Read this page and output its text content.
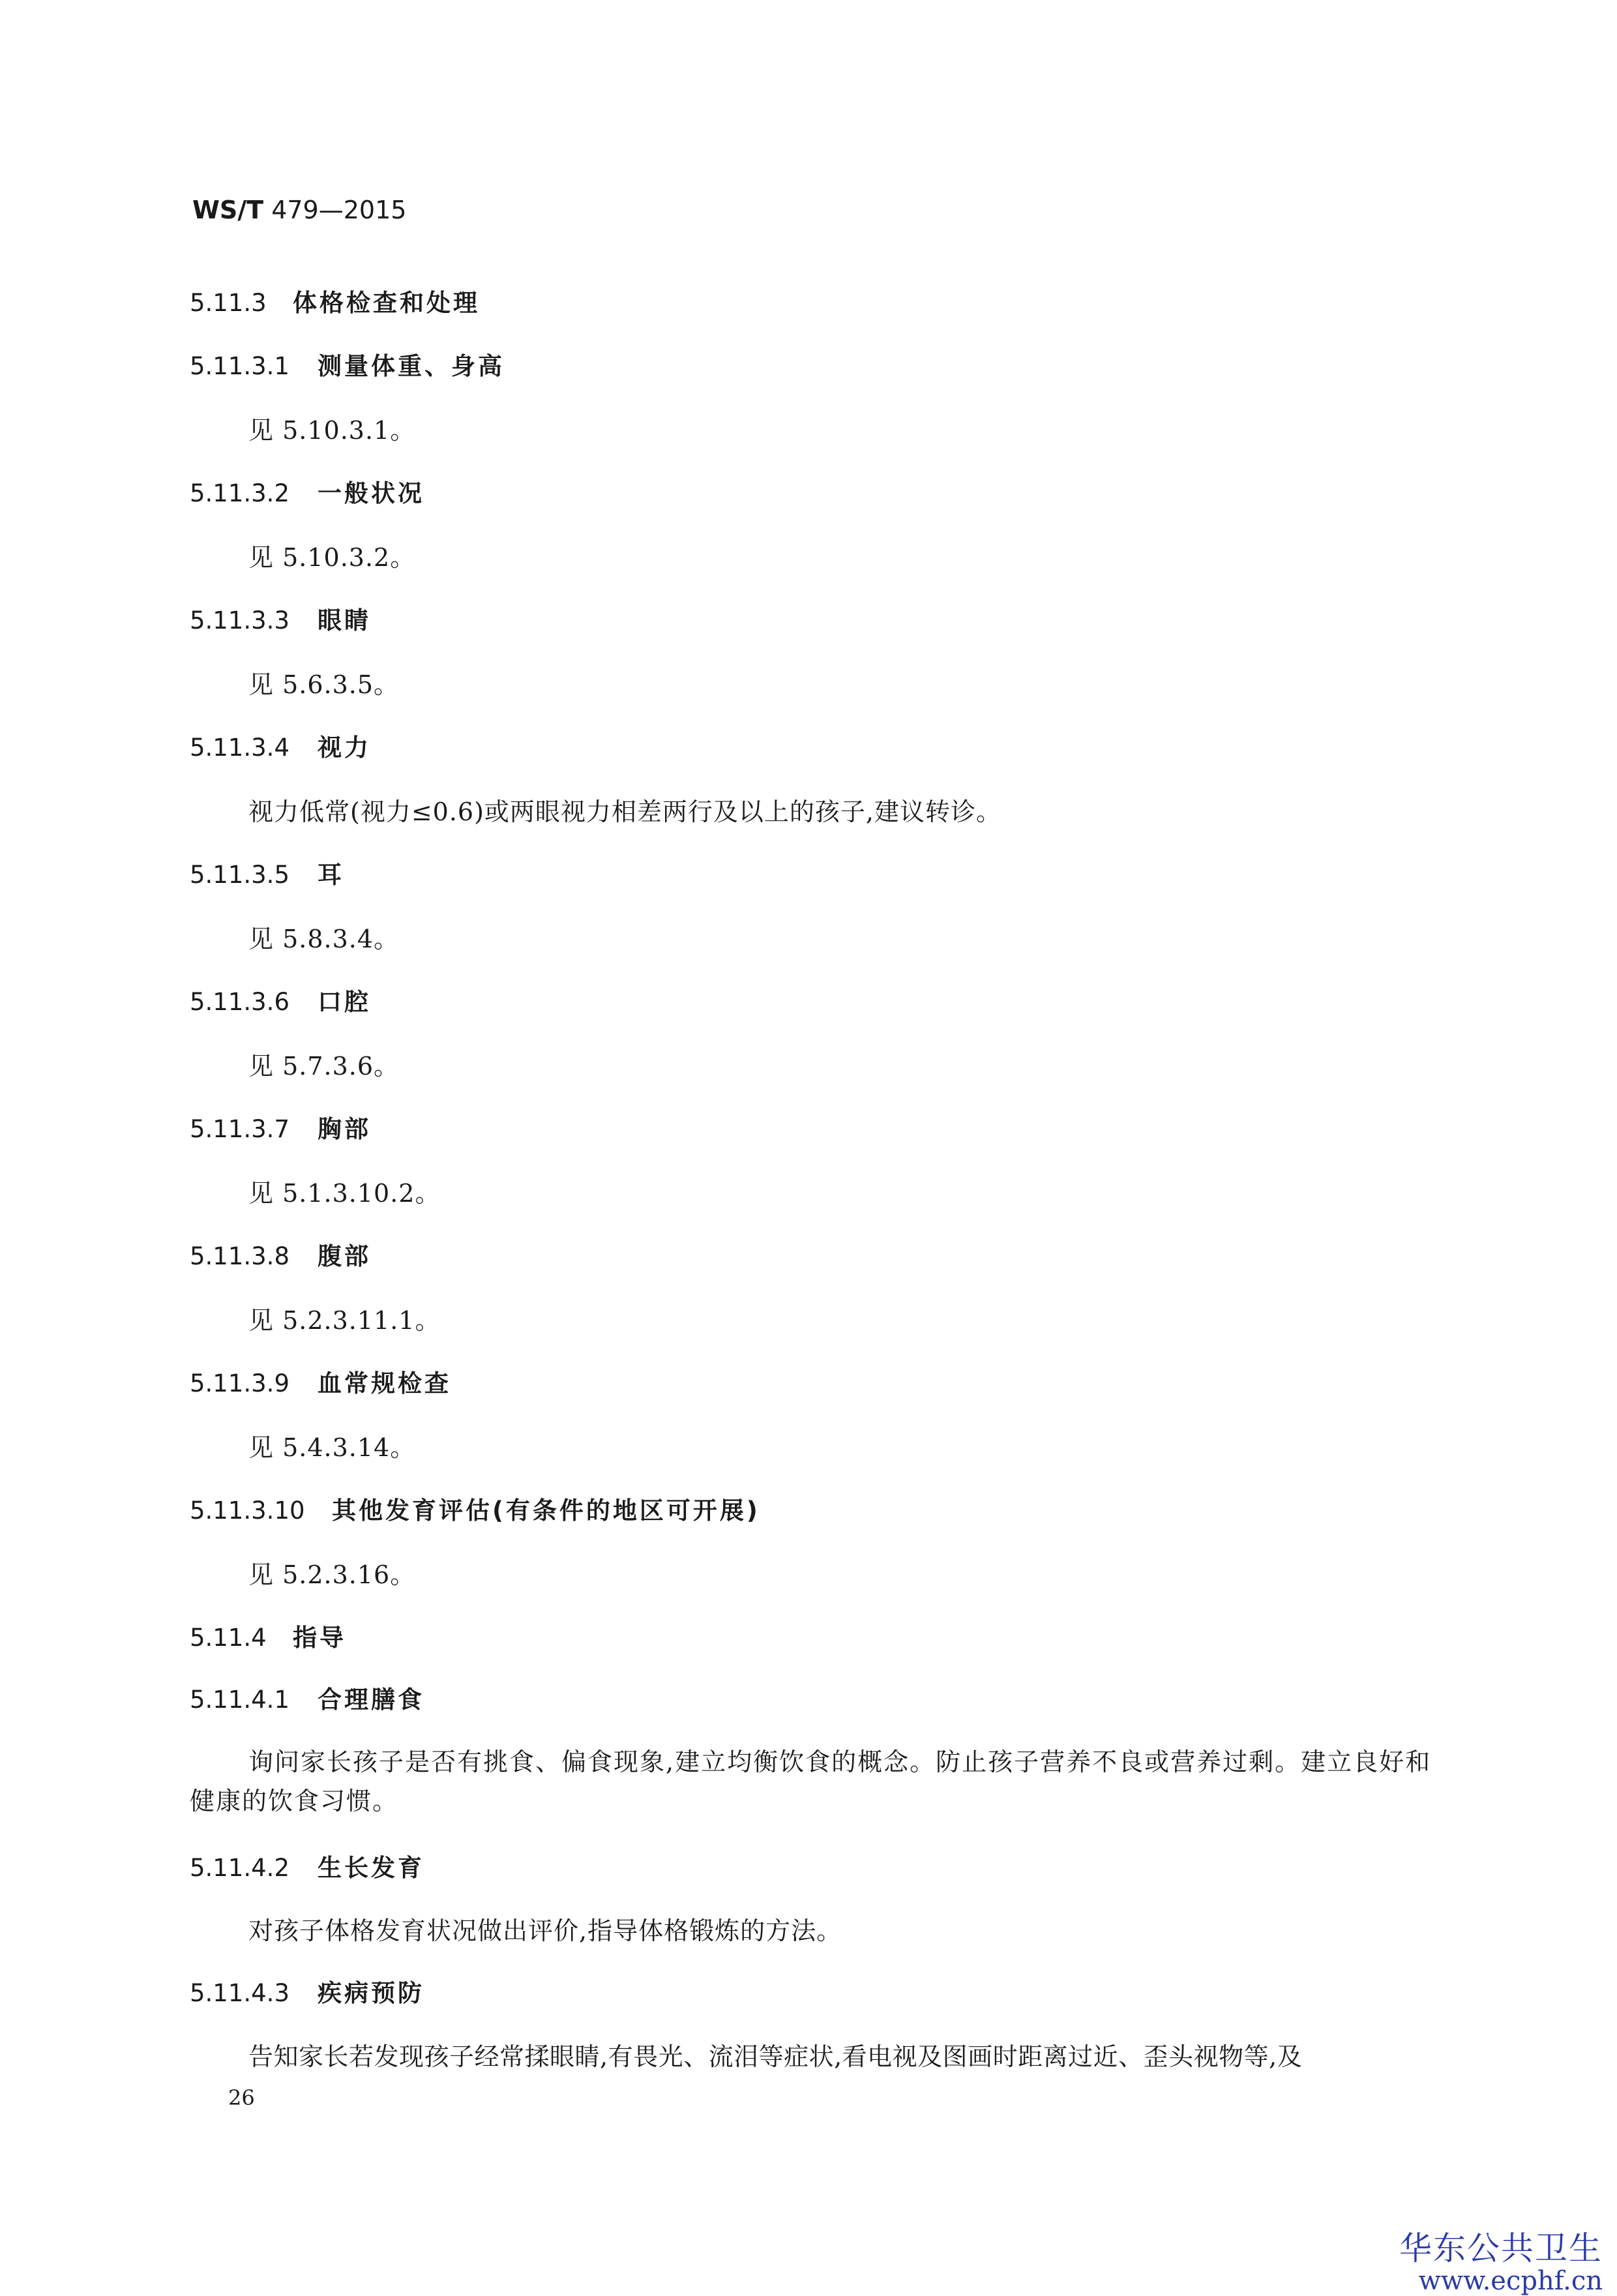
WS/T 479—2015
5.11.3 体格检查和处理
5.11.3.1 测量体重、身高
见 5.10.3.1。
5.11.3.2 一般状况
见 5.10.3.2。
5.11.3.3 眼睛
见 5.6.3.5。
5.11.3.4 视力
视力低常(视力≤0.6)或两眼视力相差两行及以上的孩子,建议转诊。
5.11.3.5 耳
见 5.8.3.4。
5.11.3.6 口腔
见 5.7.3.6。
5.11.3.7 胸部
见 5.1.3.10.2。
5.11.3.8 腹部
见 5.2.3.11.1。
5.11.3.9 血常规检查
见 5.4.3.14。
5.11.3.10 其他发育评估(有条件的地区可开展)
见 5.2.3.16。
5.11.4 指导
5.11.4.1 合理膳食
询问家长孩子是否有挑食、偏食现象,建立均衡饮食的概念。防止孩子营养不良或营养过剩。建立良好和健康的饮食习惯。
5.11.4.2 生长发育
对孩子体格发育状况做出评价,指导体格锻炼的方法。
5.11.4.3 疾病预防
告知家长若发现孩子经常揉眼睛,有畏光、流泪等症状,看电视及图画时距离过近、歪头视物等,及
26
华东公共卫生
www.ecphf.cn
